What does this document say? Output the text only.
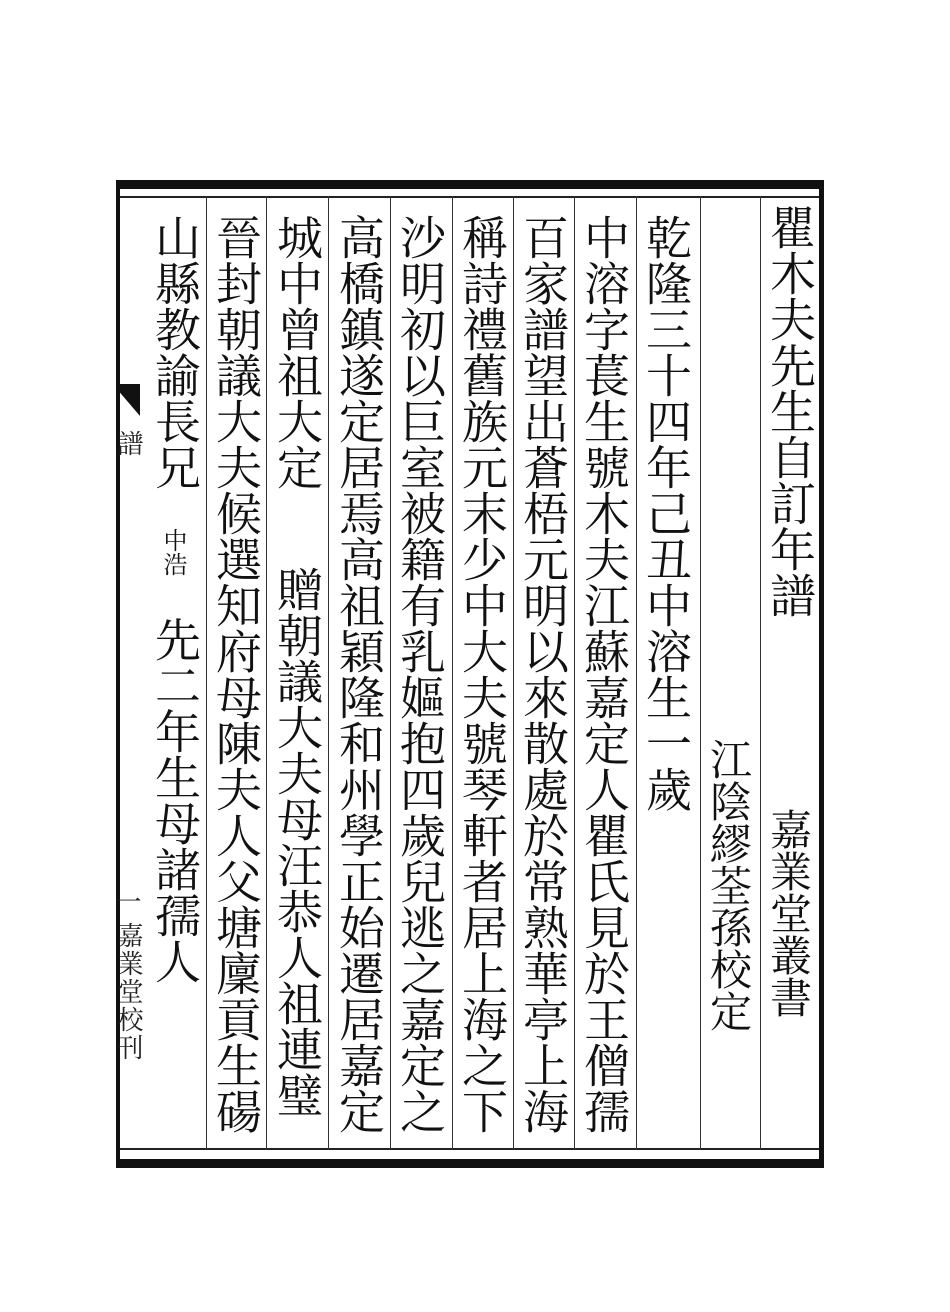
譜
一
嘉業堂校刊
瞿木夫先生自訂年譜
嘉業堂叢書
江陰繆荃孫校定
乾隆三十四年己丑中溶生一歲
中溶字萇生號木夫江蘇嘉定人瞿氏見於王僧孺
百家譜望出蒼梧元明以來散處於常熟華亭上海
稱詩禮舊族元末少中大夫號琴軒者居上海之下
沙明初以巨室被籍有乳嫗抱四歲兒逃之嘉定之
高橋鎮遂定居焉高祖穎隆和州學正始遷居嘉定
城中曾祖大定
贈朝議大夫母汪恭人祖連璧
晉封朝議大夫候選知府母陳夫人父塘廩貢生碭
山縣教諭長兄
中浩
先二年生母諸孺人
